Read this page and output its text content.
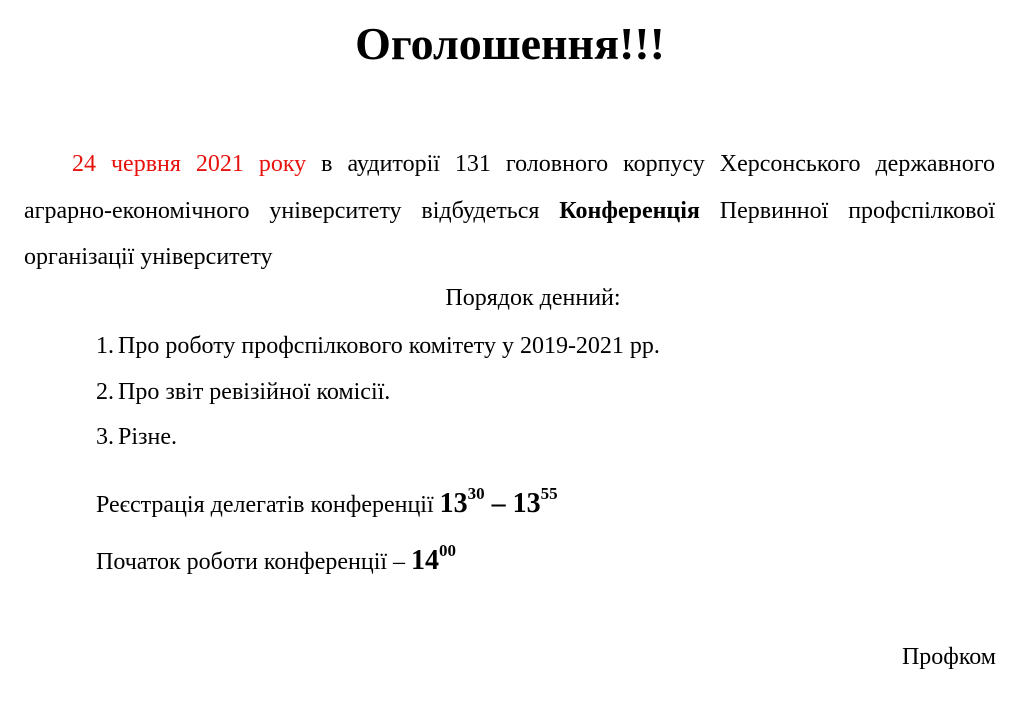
Оголошення!!!

24 червня 2021 року в аудиторії 131 головного корпусу Херсонського державного аграрно-економічного університету відбудеться Конференція Первинної профспілкової організації університету

Порядок денний:

1. Про роботу профспілкового комітету у 2019-2021 рр.
2. Про звіт ревізійної комісії.
3. Різне.

Реєстрація делегатів конференції $13^{30} - 13^{55}$

Початок роботи конференції – $14^{00}$

Профком
